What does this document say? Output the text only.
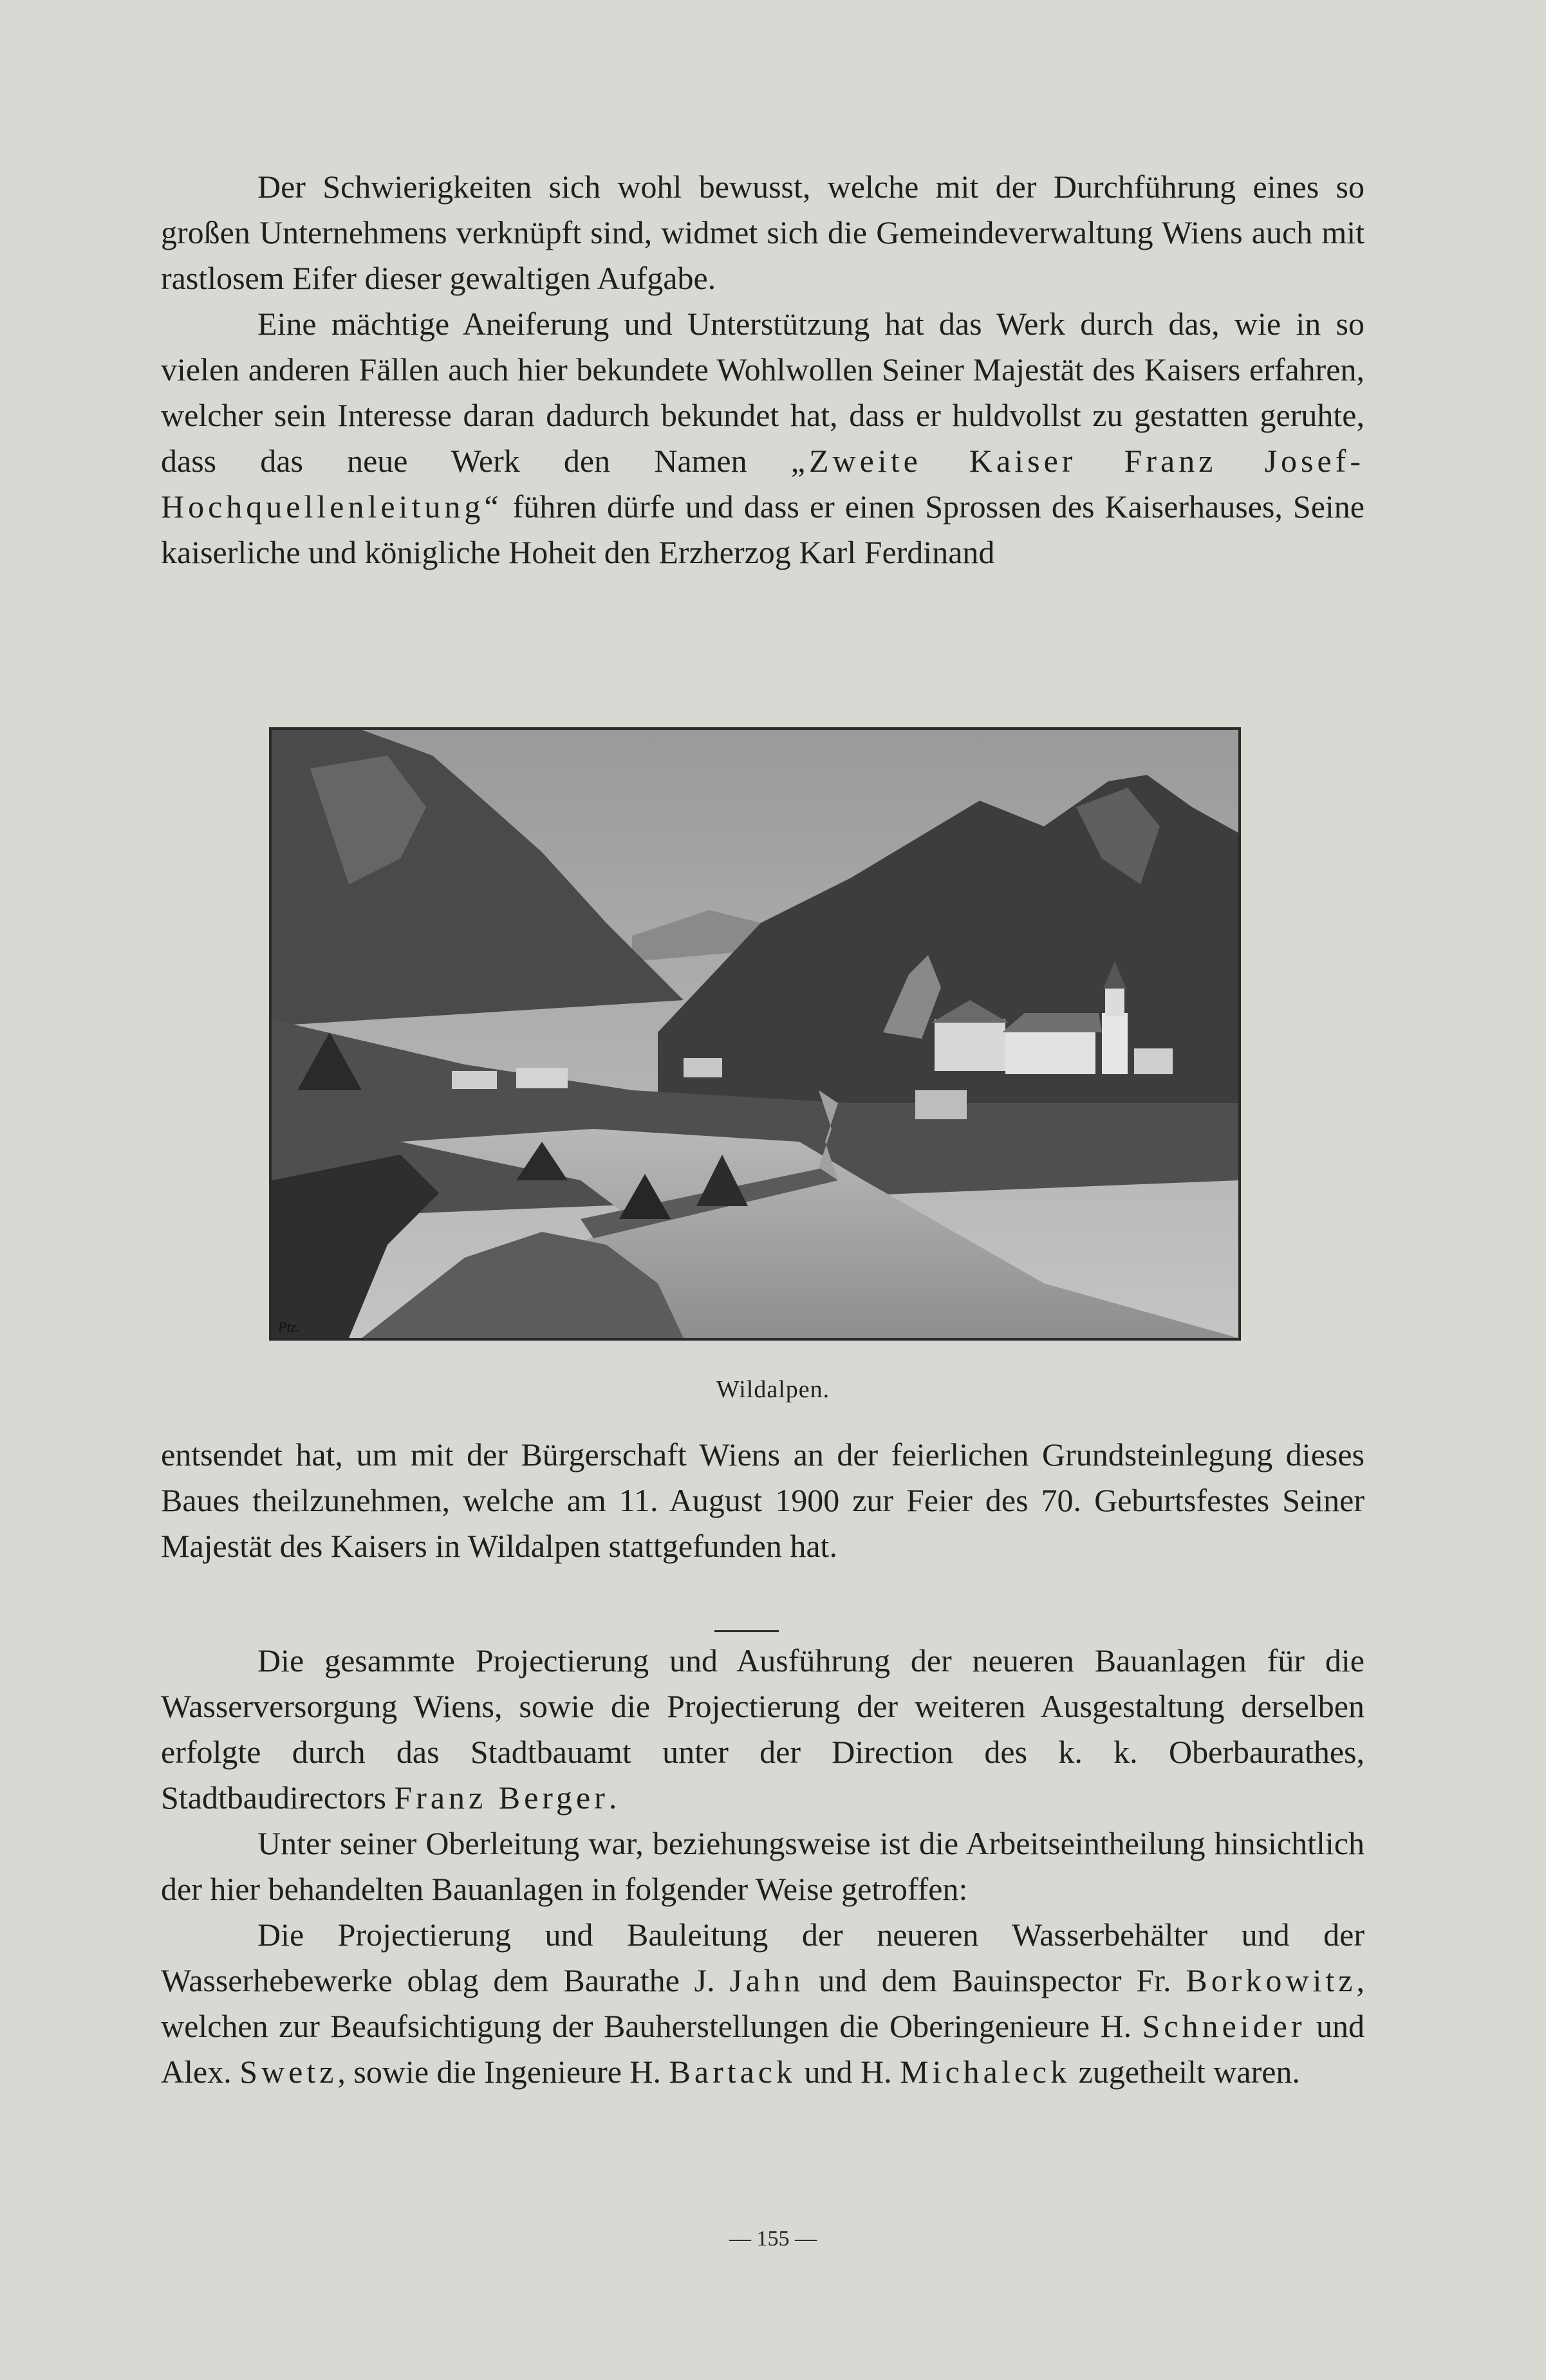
Der Schwierigkeiten sich wohl bewusst, welche mit der Durchführung eines so großen Unternehmens verknüpft sind, widmet sich die Gemeindeverwaltung Wiens auch mit rastlosem Eifer dieser gewaltigen Aufgabe.

Eine mächtige Aneiferung und Unterstützung hat das Werk durch das, wie in so vielen anderen Fällen auch hier bekundete Wohlwollen Seiner Majestät des Kaisers erfahren, welcher sein Interesse daran dadurch bekundet hat, dass er huldvollst zu gestatten geruhte, dass das neue Werk den Namen „Zweite Kaiser Franz Josef-Hochquellenleitung“ führen dürfe und dass er einen Sprossen des Kaiserhauses, Seine kaiserliche und königliche Hoheit den Erzherzog Karl Ferdinand

Ptz.
Wildalpen.

entsendet hat, um mit der Bürgerschaft Wiens an der feierlichen Grundsteinlegung dieses Baues theilzunehmen, welche am 11. August 1900 zur Feier des 70. Geburtsfestes Seiner Majestät des Kaisers in Wildalpen stattgefunden hat.

Die gesammte Projectierung und Ausführung der neueren Bauanlagen für die Wasserversorgung Wiens, sowie die Projectierung der weiteren Ausgestaltung derselben erfolgte durch das Stadtbauamt unter der Direction des k. k. Oberbaurathes, Stadtbaudirectors Franz Berger.

Unter seiner Oberleitung war, beziehungsweise ist die Arbeitseintheilung hinsichtlich der hier behandelten Bauanlagen in folgender Weise getroffen:

Die Projectierung und Bauleitung der neueren Wasserbehälter und der Wasserhebewerke oblag dem Baurathe J. Jahn und dem Bauinspector Fr. Borkowitz, welchen zur Beaufsichtigung der Bauherstellungen die Oberingenieure H. Schneider und Alex. Swetz, sowie die Ingenieure H. Bartack und H. Michaleck zugetheilt waren.

— 155 —
